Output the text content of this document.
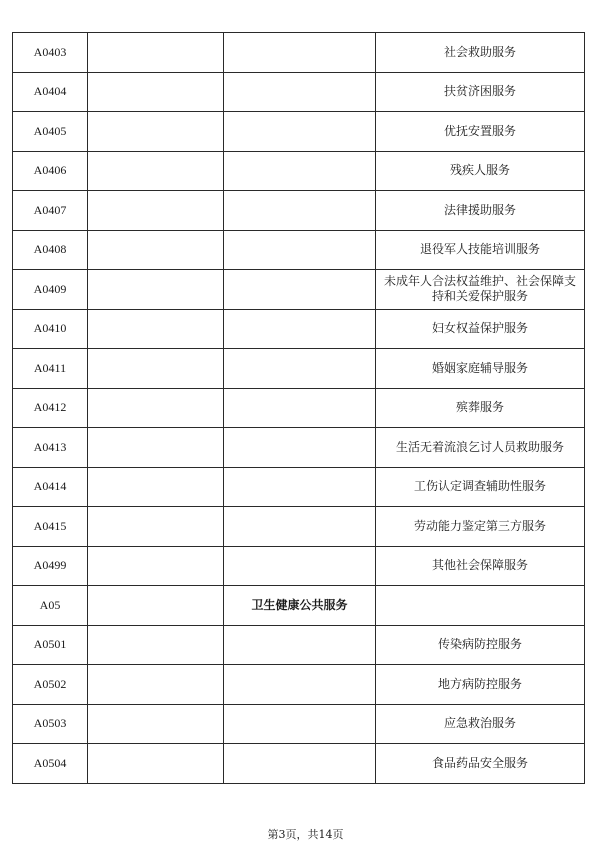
A0403			社会救助服务
A0404			扶贫济困服务
A0405			优抚安置服务
A0406			残疾人服务
A0407			法律援助服务
A0408			退役军人技能培训服务
A0409			未成年人合法权益维护、社会保障支持和关爱保护服务
A0410			妇女权益保护服务
A0411			婚姻家庭辅导服务
A0412			殡葬服务
A0413			生活无着流浪乞讨人员救助服务
A0414			工伤认定调查辅助性服务
A0415			劳动能力鉴定第三方服务
A0499			其他社会保障服务
A05		卫生健康公共服务	
A0501			传染病防控服务
A0502			地方病防控服务
A0503			应急救治服务
A0504			食品药品安全服务
第3页，共14页
